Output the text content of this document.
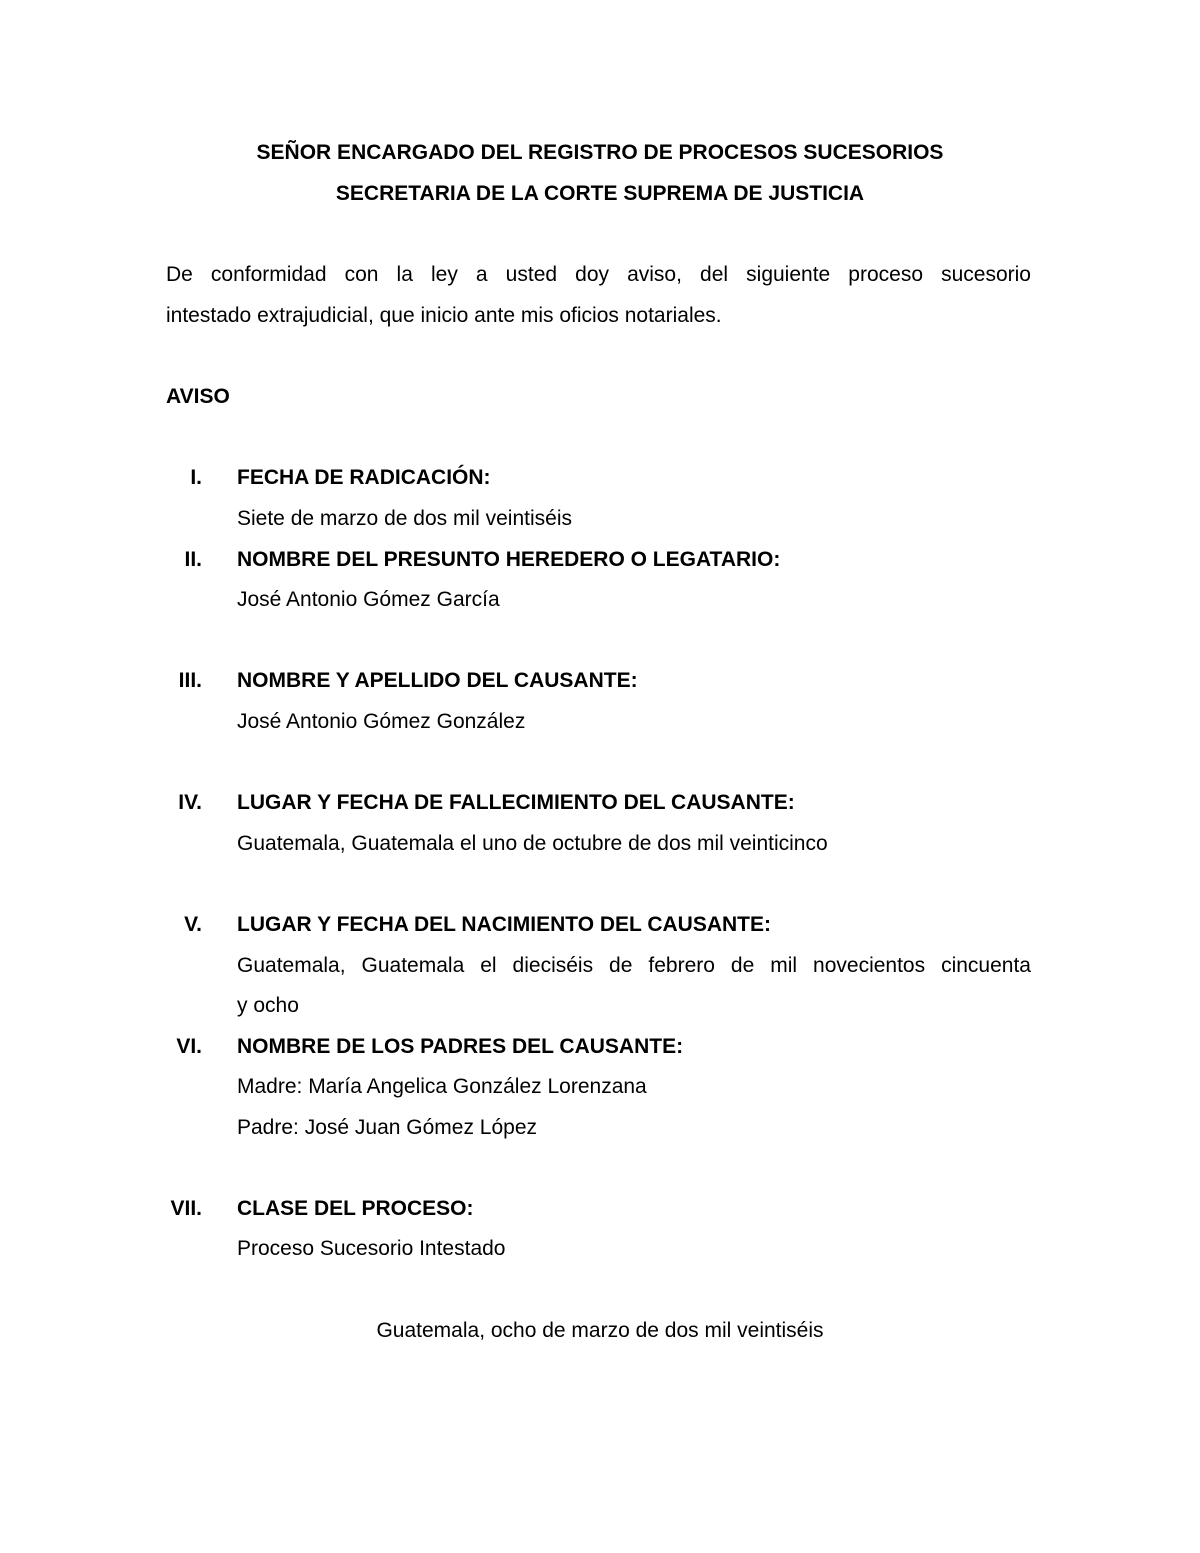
SEÑOR ENCARGADO DEL REGISTRO DE PROCESOS SUCESORIOS
SECRETARIA DE LA CORTE SUPREMA DE JUSTICIA
De conformidad con la ley a usted doy aviso, del siguiente proceso sucesorio
intestado extrajudicial, que inicio ante mis oficios notariales.
AVISO
I. FECHA DE RADICACIÓN:
Siete de marzo de dos mil veintiséis
II. NOMBRE DEL PRESUNTO HEREDERO O LEGATARIO:
José Antonio Gómez García
III. NOMBRE Y APELLIDO DEL CAUSANTE:
José Antonio Gómez González
IV. LUGAR Y FECHA DE FALLECIMIENTO DEL CAUSANTE:
Guatemala, Guatemala el uno de octubre de dos mil veinticinco
V. LUGAR Y FECHA DEL NACIMIENTO DEL CAUSANTE:
Guatemala, Guatemala el dieciséis de febrero de mil novecientos cincuenta
y ocho
VI. NOMBRE DE LOS PADRES DEL CAUSANTE:
Madre: María Angelica González Lorenzana
Padre: José Juan Gómez López
VII. CLASE DEL PROCESO:
Proceso Sucesorio Intestado
Guatemala, ocho de marzo de dos mil veintiséis
